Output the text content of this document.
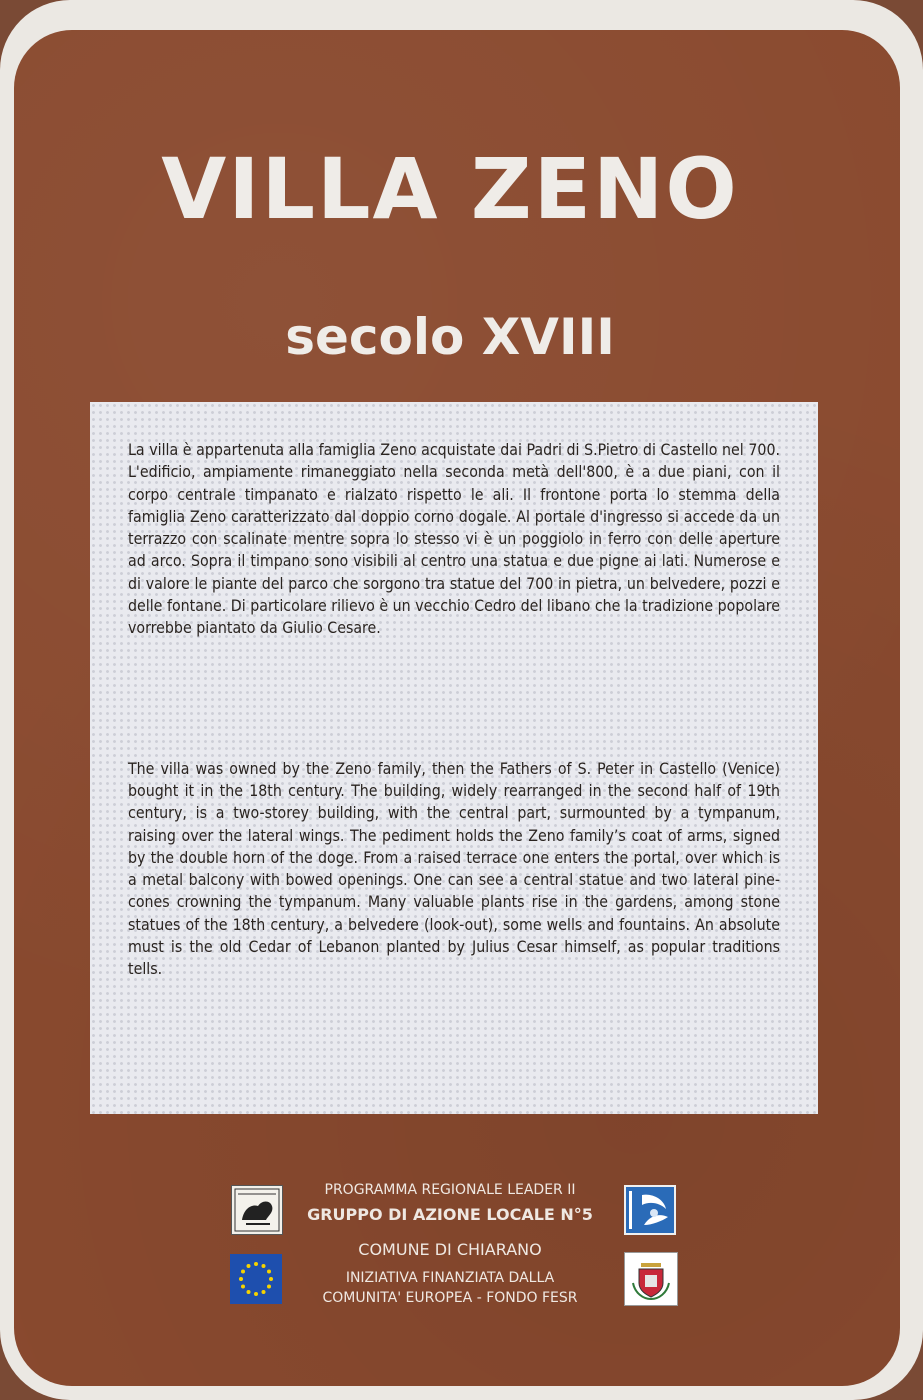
VILLA ZENO
secolo XVIII

La villa è appartenuta alla famiglia Zeno acquistate dai Padri di S.Pietro di Castello nel 700. L'edificio, ampiamente rimaneggiato nella seconda metà dell'800, è a due piani, con il corpo centrale timpanato e rialzato rispetto le ali. Il frontone porta lo stemma della famiglia Zeno caratterizzato dal doppio corno dogale. Al portale d'ingresso si accede da un terrazzo con scalinate mentre sopra lo stesso vi è un poggiolo in ferro con delle aperture ad arco. Sopra il timpano sono visibili al centro una statua e due pigne ai lati. Numerose e di valore le piante del parco che sorgono tra statue del 700 in pietra, un belvedere, pozzi e delle fontane. Di particolare rilievo è un vecchio Cedro del libano che la tradizione popolare vorrebbe piantato da Giulio Cesare.

The villa was owned by the Zeno family, then the Fathers of S. Peter in Castello (Venice) bought it in the 18th century. The building, widely rearranged in the second half of 19th century, is a two-storey building, with the central part, surmounted by a tympanum, raising over the lateral wings. The pediment holds the Zeno family’s coat of arms, signed by the double horn of the doge. From a raised terrace one enters the portal, over which is a metal balcony with bowed openings. One can see a central statue and two lateral pine-cones crowning the tympanum. Many valuable plants rise in the gardens, among stone statues of the 18th century, a belvedere (look-out), some wells and fountains. An absolute must is the old Cedar of Lebanon planted by Julius Cesar himself, as popular traditions tells.

PROGRAMMA REGIONALE LEADER II
GRUPPO DI AZIONE LOCALE N°5
COMUNE DI CHIARANO
INIZIATIVA FINANZIATA DALLA
COMUNITA' EUROPEA - FONDO FESR
